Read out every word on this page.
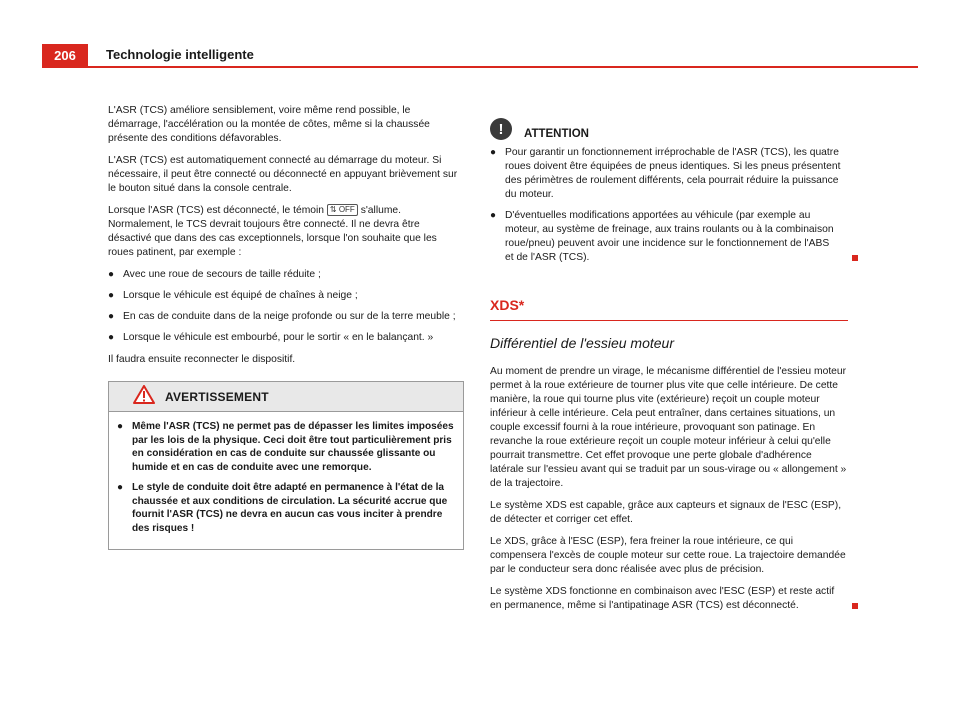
206	Technologie intelligente

L'ASR (TCS) améliore sensiblement, voire même rend possible, le démarrage, l'accélération ou la montée de côtes, même si la chaussée présente des conditions défavorables.

L'ASR (TCS) est automatiquement connecté au démarrage du moteur. Si nécessaire, il peut être connecté ou déconnecté en appuyant brièvement sur le bouton situé dans la console centrale.

Lorsque l'ASR (TCS) est déconnecté, le témoin ⇅ OFF s'allume. Normalement, le TCS devrait toujours être connecté. Il ne devra être désactivé que dans des cas exceptionnels, lorsque l'on souhaite que les roues patinent, par exemple :

● Avec une roue de secours de taille réduite ;
● Lorsque le véhicule est équipé de chaînes à neige ;
● En cas de conduite dans de la neige profonde ou sur de la terre meuble ;
● Lorsque le véhicule est embourbé, pour le sortir « en le balançant. »

Il faudra ensuite reconnecter le dispositif.

AVERTISSEMENT
● Même l'ASR (TCS) ne permet pas de dépasser les limites imposées par les lois de la physique. Ceci doit être tout particulièrement pris en considération en cas de conduite sur chaussée glissante ou humide et en cas de conduite avec une remorque.
● Le style de conduite doit être adapté en permanence à l'état de la chaussée et aux conditions de circulation. La sécurité accrue que fournit l'ASR (TCS) ne devra en aucun cas vous inciter à prendre des risques !
!	ATTENTION
● Pour garantir un fonctionnement irréprochable de l'ASR (TCS), les quatre roues doivent être équipées de pneus identiques. Si les pneus présentent des périmètres de roulement différents, cela pourrait réduire la puissance du moteur.
● D'éventuelles modifications apportées au véhicule (par exemple au moteur, au système de freinage, aux trains roulants ou à la combinaison roue/pneu) peuvent avoir une incidence sur le fonctionnement de l'ABS et de l'ASR (TCS).
XDS*
Différentiel de l'essieu moteur

Au moment de prendre un virage, le mécanisme différentiel de l'essieu moteur permet à la roue extérieure de tourner plus vite que celle intérieure. De cette manière, la roue qui tourne plus vite (extérieure) reçoit un couple moteur inférieur à celle intérieure. Cela peut entraîner, dans certaines situations, un couple excessif fourni à la roue intérieure, provoquant son patinage. En revanche la roue extérieure reçoit un couple moteur inférieur à celui qu'elle pourrait transmettre. Cet effet provoque une perte globale d'adhérence latérale sur l'essieu avant qui se traduit par un sous-virage ou « allongement » de la trajectoire.

Le système XDS est capable, grâce aux capteurs et signaux de l'ESC (ESP), de détecter et corriger cet effet.

Le XDS, grâce à l'ESC (ESP), fera freiner la roue intérieure, ce qui compensera l'excès de couple moteur sur cette roue. La trajectoire demandée par le conducteur sera donc réalisée avec plus de précision.

Le système XDS fonctionne en combinaison avec l'ESC (ESP) et reste actif en permanence, même si l'antipatinage ASR (TCS) est déconnecté.
